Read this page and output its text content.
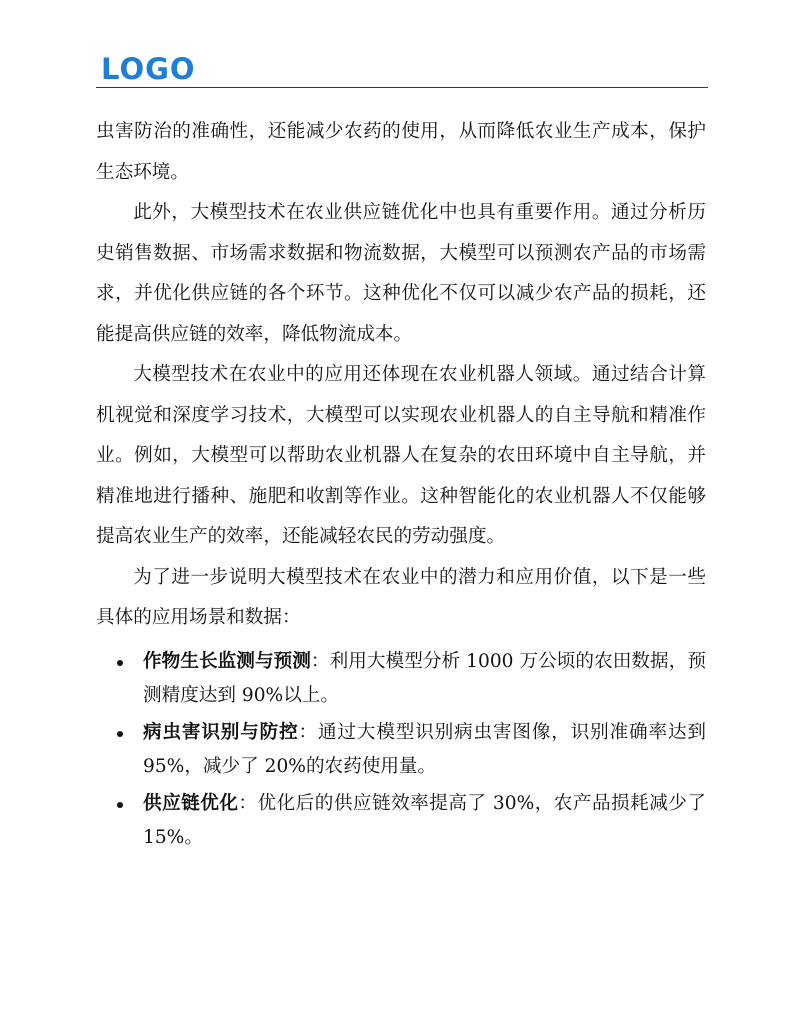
LOGO

虫害防治的准确性，还能减少农药的使用，从而降低农业生产成本，保护生态环境。

此外，大模型技术在农业供应链优化中也具有重要作用。通过分析历史销售数据、市场需求数据和物流数据，大模型可以预测农产品的市场需求，并优化供应链的各个环节。这种优化不仅可以减少农产品的损耗，还能提高供应链的效率，降低物流成本。

大模型技术在农业中的应用还体现在农业机器人领域。通过结合计算机视觉和深度学习技术，大模型可以实现农业机器人的自主导航和精准作业。例如，大模型可以帮助农业机器人在复杂的农田环境中自主导航，并精准地进行播种、施肥和收割等作业。这种智能化的农业机器人不仅能够提高农业生产的效率，还能减轻农民的劳动强度。

为了进一步说明大模型技术在农业中的潜力和应用价值，以下是一些具体的应用场景和数据：

作物生长监测与预测：利用大模型分析 1000 万公顷的农田数据，预测精度达到 90%以上。
病虫害识别与防控：通过大模型识别病虫害图像，识别准确率达到 95%，减少了 20%的农药使用量。
供应链优化：优化后的供应链效率提高了 30%，农产品损耗减少了 15%。
